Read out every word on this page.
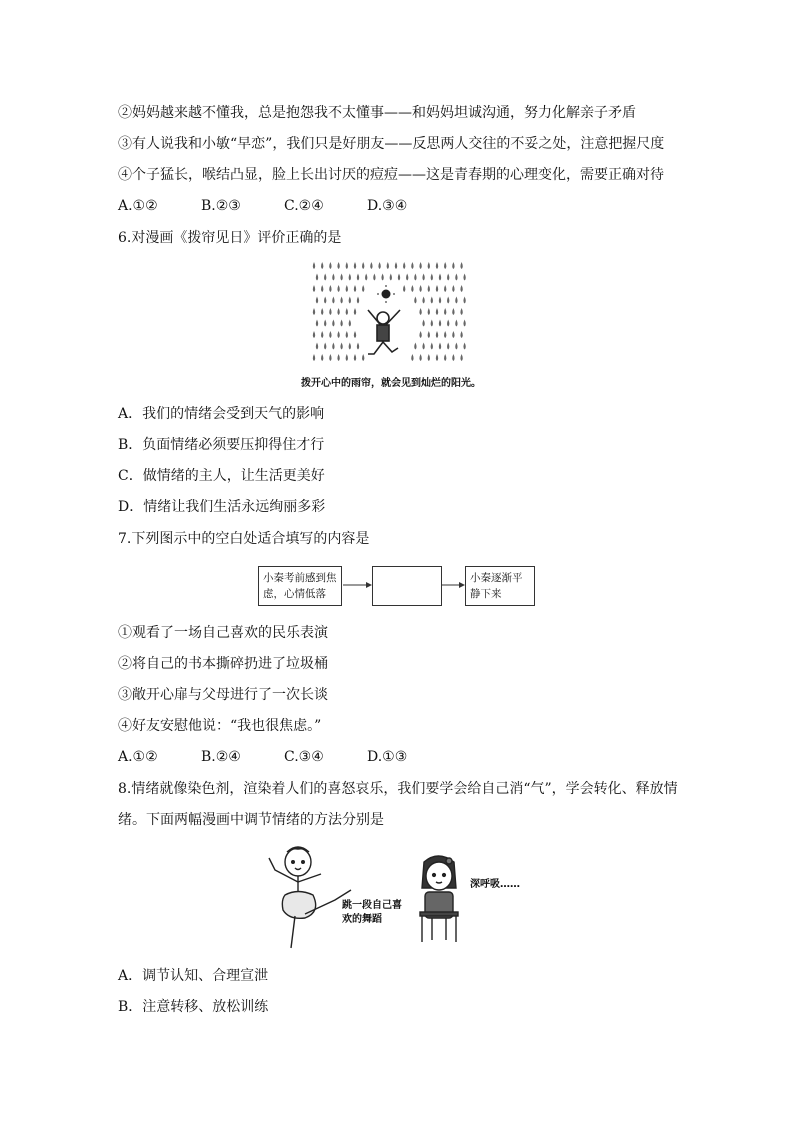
②妈妈越来越不懂我，总是抱怨我不太懂事——和妈妈坦诚沟通，努力化解亲子矛盾
③有人说我和小敏“早恋”，我们只是好朋友——反思两人交往的不妥之处，注意把握尺度
④个子猛长，喉结凸显，脸上长出讨厌的痘痘——这是青春期的心理变化，需要正确对待
A.①②	B.②③	C.②④	D.③④
6.对漫画《拨帘见日》评价正确的是
拨开心中的雨帘，就会见到灿烂的阳光。
A．我们的情绪会受到天气的影响
B．负面情绪必须要压抑得住才行
C．做情绪的主人，让生活更美好
D．情绪让我们生活永远绚丽多彩
7.下列图示中的空白处适合填写的内容是
小秦考前感到焦虑，心情低落
小秦逐渐平静下来
①观看了一场自己喜欢的民乐表演
②将自己的书本撕碎扔进了垃圾桶
③敞开心扉与父母进行了一次长谈
④好友安慰他说：“我也很焦虑。”
A.①②	B.②④	C.③④	D.①③
8.情绪就像染色剂，渲染着人们的喜怒哀乐，我们要学会给自己消“气”，学会转化、释放情
绪。下面两幅漫画中调节情绪的方法分别是
跳一段自己喜欢的舞蹈
深呼吸……
A．调节认知、合理宣泄
B．注意转移、放松训练
